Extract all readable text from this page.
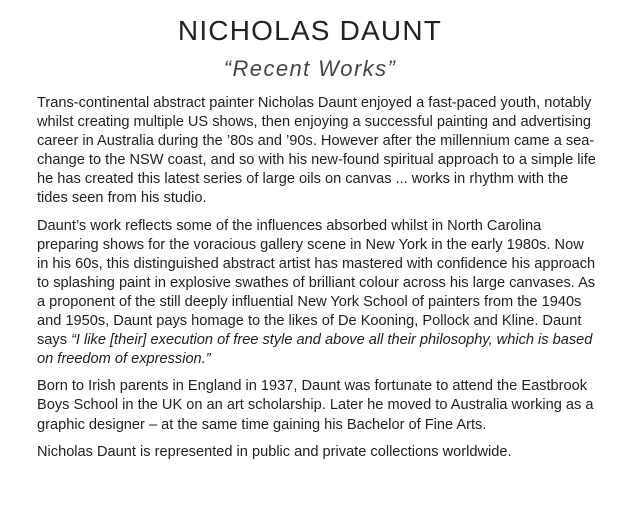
NICHOLAS DAUNT
“Recent Works”

Trans-continental abstract painter Nicholas Daunt enjoyed a fast-paced youth, notably whilst creating multiple US shows, then enjoying a successful painting and advertising career in Australia during the ’80s and ’90s. However after the millennium came a sea-change to the NSW coast, and so with his new-found spiritual approach to a simple life he has created this latest series of large oils on canvas ... works in rhythm with the tides seen from his studio.

Daunt’s work reflects some of the influences absorbed whilst in North Carolina preparing shows for the voracious gallery scene in New York in the early 1980s. Now in his 60s, this distinguished abstract artist has mastered with confidence his approach to splashing paint in explosive swathes of brilliant colour across his large canvases. As a proponent of the still deeply influential New York School of painters from the 1940s and 1950s, Daunt pays homage to the likes of De Kooning, Pollock and Kline. Daunt says “I like [their] execution of free style and above all their philosophy, which is based on freedom of expression.”

Born to Irish parents in England in 1937, Daunt was fortunate to attend the Eastbrook Boys School in the UK on an art scholarship. Later he moved to Australia working as a graphic designer – at the same time gaining his Bachelor of Fine Arts.

Nicholas Daunt is represented in public and private collections worldwide.
